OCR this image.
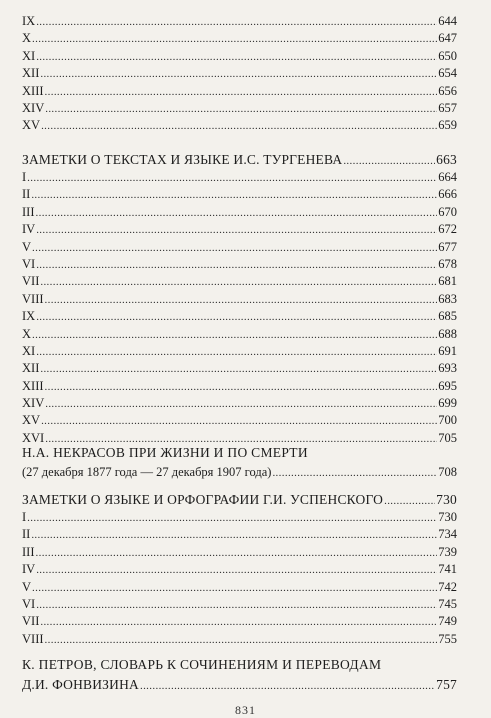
IX . . .	644
X . . .	647
XI . . .	650
XII . . .	654
XIII . . .	656
XIV . . .	657
XV . . .	659
ЗАМЕТКИ О ТЕКСТАХ И ЯЗЫКЕ И.С. ТУРГЕНЕВА . . .	663
I . . .	664
II . . .	666
III . . .	670
IV . . .	672
V . . .	677
VI . . .	678
VII . . .	681
VIII . . .	683
IX . . .	685
X . . .	688
XI . . .	691
XII . . .	693
XIII . . .	695
XIV . . .	699
XV . . .	700
XVI . . .	705
Н.А. НЕКРАСОВ ПРИ ЖИЗНИ И ПО СМЕРТИ
(27 декабря 1877 года — 27 декабря 1907 года) . . .	708
ЗАМЕТКИ О ЯЗЫКЕ И ОРФОГРАФИИ Г.И. УСПЕНСКОГО . . .	730
I . . .	730
II . . .	734
III . . .	739
IV . . .	741
V . . .	742
VI . . .	745
VII . . .	749
VIII . . .	755
К. ПЕТРОВ, СЛОВАРЬ К СОЧИНЕНИЯМ И ПЕРЕВОДАМ
Д.И. ФОНВИЗИНА . . .	757
831
